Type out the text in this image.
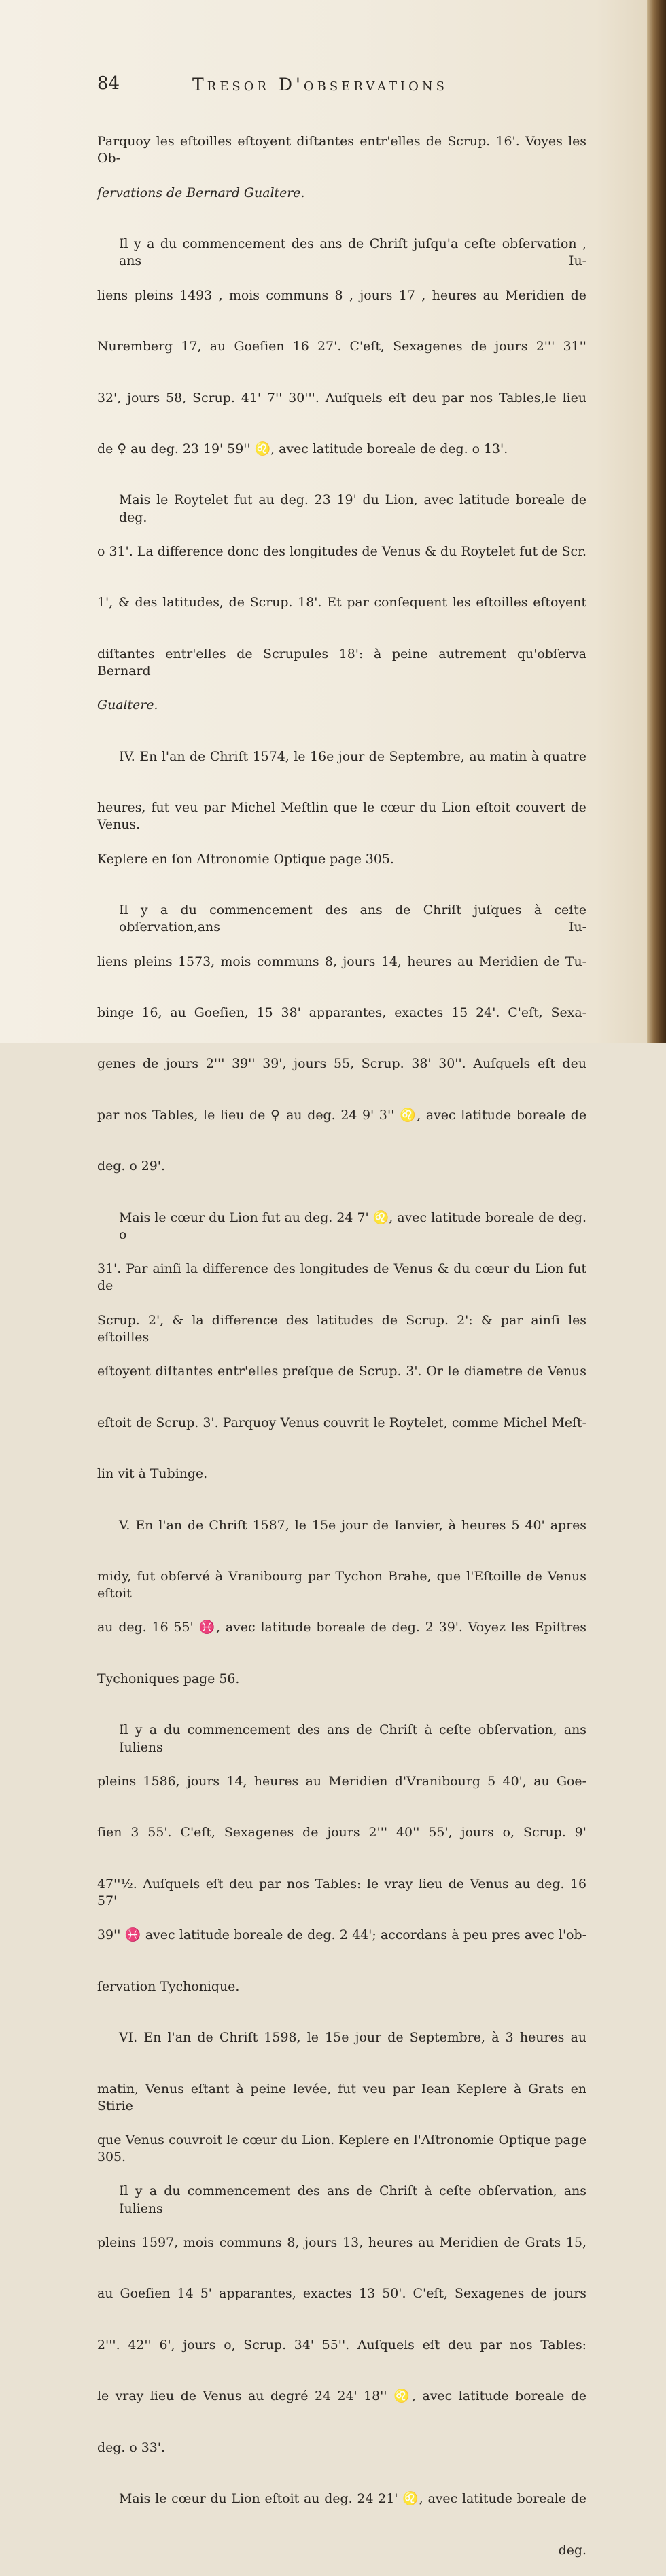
84	Tresor D'observations

Parquoy les eſtoilles eſtoyent diſtantes entr'elles de Scrup. 16'. Voyes les Ob-

ſervations de Bernard Gualtere.

Il y a du commencement des ans de Chriſt juſqu'a ceſte obſervation , ans Iu-

liens pleins 1493 , mois communs 8 , jours 17 , heures au Meridien de

Nuremberg 17, au Goeſien 16 27'. C'eſt, Sexagenes de jours 2''' 31''

32', jours 58, Scrup. 41' 7'' 30'''. Auſquels eſt deu par nos Tables,le lieu

de ♀ au deg. 23 19' 59'' ♌, avec latitude boreale de deg. o 13'.

Mais le Roytelet fut au deg. 23 19' du Lion, avec latitude boreale de deg.

o 31'. La difference donc des longitudes de Venus & du Roytelet fut de Scr.

1', & des latitudes, de Scrup. 18'. Et par conſequent les eſtoilles eſtoyent

diſtantes entr'elles de Scrupules 18': à peine autrement qu'obſerva Bernard

Gualtere.

IV. En l'an de Chriſt 1574, le 16e jour de Septembre, au matin à quatre

heures, fut veu par Michel Meſtlin que le cœur du Lion eſtoit couvert de Venus.

Keplere en ſon Aſtronomie Optique page 305.

Il y a du commencement des ans de Chriſt juſques à ceſte obſervation,ans Iu-

liens pleins 1573, mois communs 8, jours 14, heures au Meridien de Tu-

binge 16, au Goeſien, 15 38' apparantes, exactes 15 24'. C'eſt, Sexa-

genes de jours 2''' 39'' 39', jours 55, Scrup. 38' 30''. Auſquels eſt deu

par nos Tables, le lieu de ♀ au deg. 24 9' 3'' ♌, avec latitude boreale de

deg. o 29'.

Mais le cœur du Lion fut au deg. 24 7' ♌, avec latitude boreale de deg. o

31'. Par ainſi la difference des longitudes de Venus & du cœur du Lion fut de

Scrup. 2', & la difference des latitudes de Scrup. 2': & par ainſi les eſtoilles

eſtoyent diſtantes entr'elles preſque de Scrup. 3'. Or le diametre de Venus

eſtoit de Scrup. 3'. Parquoy Venus couvrit le Roytelet, comme Michel Meſt-

lin vit à Tubinge.

V. En l'an de Chriſt 1587, le 15e jour de Ianvier, à heures 5 40' apres

midy, fut obſervé à Vranibourg par Tychon Brahe, que l'Eſtoille de Venus eſtoit

au deg. 16 55' ♓, avec latitude boreale de deg. 2 39'. Voyez les Epiſtres

Tychoniques page 56.

Il y a du commencement des ans de Chriſt à ceſte obſervation, ans Iuliens

pleins 1586, jours 14, heures au Meridien d'Vranibourg 5 40', au Goe-

ſien 3 55'. C'eſt, Sexagenes de jours 2''' 40'' 55', jours o, Scrup. 9'

47''½. Auſquels eſt deu par nos Tables: le vray lieu de Venus au deg. 16 57'

39'' ♓ avec latitude boreale de deg. 2 44'; accordans à peu pres avec l'ob-

ſervation Tychonique.

VI. En l'an de Chriſt 1598, le 15e jour de Septembre, à 3 heures au

matin, Venus eſtant à peine levée, fut veu par Iean Keplere à Grats en Stirie

que Venus couvroit le cœur du Lion. Keplere en l'Aſtronomie Optique page 305.

Il y a du commencement des ans de Chriſt à ceſte obſervation, ans Iuliens

pleins 1597, mois communs 8, jours 13, heures au Meridien de Grats 15,

au Goeſien 14 5' apparantes, exactes 13 50'. C'eſt, Sexagenes de jours

2'''. 42'' 6', jours o, Scrup. 34' 55''. Auſquels eſt deu par nos Tables:

le vray lieu de Venus au degré 24 24' 18'' ♌, avec latitude boreale de

deg. o 33'.

Mais le cœur du Lion eſtoit au deg. 24 21' ♌, avec latitude boreale de

deg.
